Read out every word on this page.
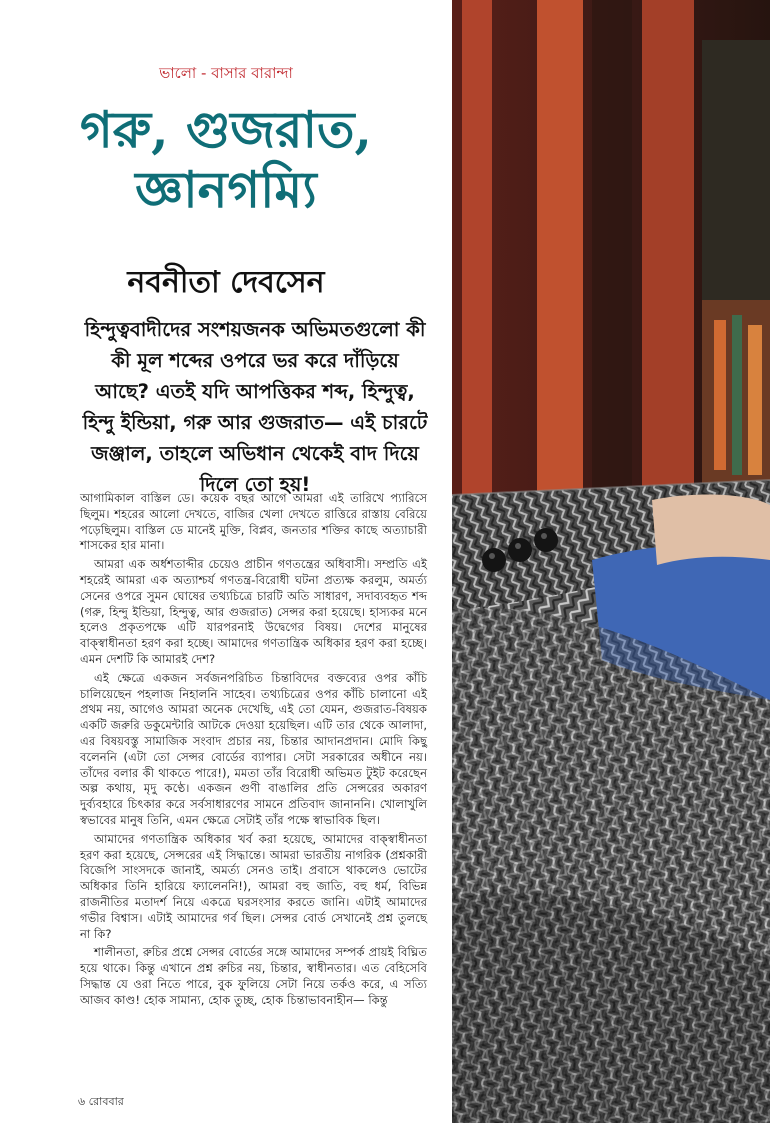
ভালো - বাসার বারান্দা
গরু, গুজরাত,
জ্ঞানগম্যি
নবনীতা দেবসেন
হিন্দুত্ববাদীদের সংশয়জনক অভিমতগুলো কী
কী মূল শব্দের ওপরে ভর করে দাঁড়িয়ে
আছে? এতই যদি আপত্তিকর শব্দ, হিন্দুত্ব,
হিন্দু ইন্ডিয়া, গরু আর গুজরাত— এই চারটে
জঞ্জাল, তাহলে অভিধান থেকেই বাদ দিয়ে
দিলে তো হয়!

আগামিকাল বাস্তিল ডে। কয়েক বছর আগে আমরা এই তারিখে প্যারিসে ছিলুম। শহরের আলো দেখতে, বাজির খেলা দেখতে রাত্তিরে রাস্তায় বেরিয়ে পড়েছিলুম। বাস্তিল ডে মানেই মুক্তি, বিপ্লব, জনতার শক্তির কাছে অত্যাচারী শাসকের হার মানা।

আমরা এক অর্ধশতাব্দীর চেয়েও প্রাচীন গণতন্ত্রের অধিবাসী। সম্প্রতি এই শহরেই আমরা এক অত্যাশ্চর্য গণতন্ত্র-বিরোধী ঘটনা প্রত্যক্ষ করলুম, অমর্ত্য সেনের ওপরে সুমন ঘোষের তথ্যচিত্রে চারটি অতি সাধারণ, সদাব্যবহৃত শব্দ (গরু, হিন্দু ইন্ডিয়া, হিন্দুত্ব, আর গুজরাত) সেন্সর করা হয়েছে। হাস্যকর মনে হলেও প্রকৃতপক্ষে এটি যারপরনাই উদ্বেগের বিষয়। দেশের মানুষের বাক্স্বাধীনতা হরণ করা হচ্ছে। আমাদের গণতান্ত্রিক অধিকার হরণ করা হচ্ছে। এমন দেশটি কি আমারই দেশ?

এই ক্ষেত্রে একজন সর্বজনপরিচিত চিন্তাবিদের বক্তব্যের ওপর কাঁচি চালিয়েছেন পহলাজ নিহালনি সাহেব। তথ্যচিত্রের ওপর কাঁচি চালানো এই প্রথম নয়, আগেও আমরা অনেক দেখেছি, এই তো যেমন, গুজরাত-বিষয়ক একটি জরুরি ডকুমেন্টারি আটকে দেওয়া হয়েছিল। এটি তার থেকে আলাদা, এর বিষয়বস্তু সামাজিক সংবাদ প্রচার নয়, চিন্তার আদানপ্রদান। মোদি কিছু বলেননি (এটা তো সেন্সর বোর্ডের ব্যাপার। সেটা সরকারের অধীনে নয়। তাঁদের বলার কী থাকতে পারে!), মমতা তাঁর বিরোধী অভিমত টুইট করেছেন অল্প কথায়, মৃদু কণ্ঠে। একজন গুণী বাঙালির প্রতি সেন্সরের অকারণ দুর্ব্যবহারে চিৎকার করে সর্বসাধারণের সামনে প্রতিবাদ জানাননি। খোলাখুলি স্বভাবের মানুষ তিনি, এমন ক্ষেত্রে সেটাই তাঁর পক্ষে স্বাভাবিক ছিল।

আমাদের গণতান্ত্রিক অধিকার খর্ব করা হয়েছে, আমাদের বাক্স্বাধীনতা হরণ করা হয়েছে, সেন্সরের এই সিদ্ধান্তে। আমরা ভারতীয় নাগরিক (প্রশ্নকারী বিজেপি সাংসদকে জানাই, অমর্ত্য সেনও তাই। প্রবাসে থাকলেও ভোটের অধিকার তিনি হারিয়ে ফ্যালেননি!), আমরা বহু জাতি, বহু ধর্ম, বিভিন্ন রাজনীতির মতাদর্শ নিয়ে একত্রে ঘরসংসার করতে জানি। এটাই আমাদের গভীর বিশ্বাস। এটাই আমাদের গর্ব ছিল। সেন্সর বোর্ড সেখানেই প্রশ্ন তুলছে না কি?

শালীনতা, রুচির প্রশ্নে সেন্সর বোর্ডের সঙ্গে আমাদের সম্পর্ক প্রায়ই বিঘ্নিত হয়ে থাকে। কিন্তু এখানে প্রশ্ন রুচির নয়, চিন্তার, স্বাধীনতার। এত বেহিসেবি সিদ্ধান্ত যে ওরা নিতে পারে, বুক ফুলিয়ে সেটা নিয়ে তর্কও করে, এ সত্যি আজব কাণ্ড! হোক সামান্য, হোক তুচ্ছ, হোক চিন্তাভাবনাহীন— কিন্তু

৬ রোববার
